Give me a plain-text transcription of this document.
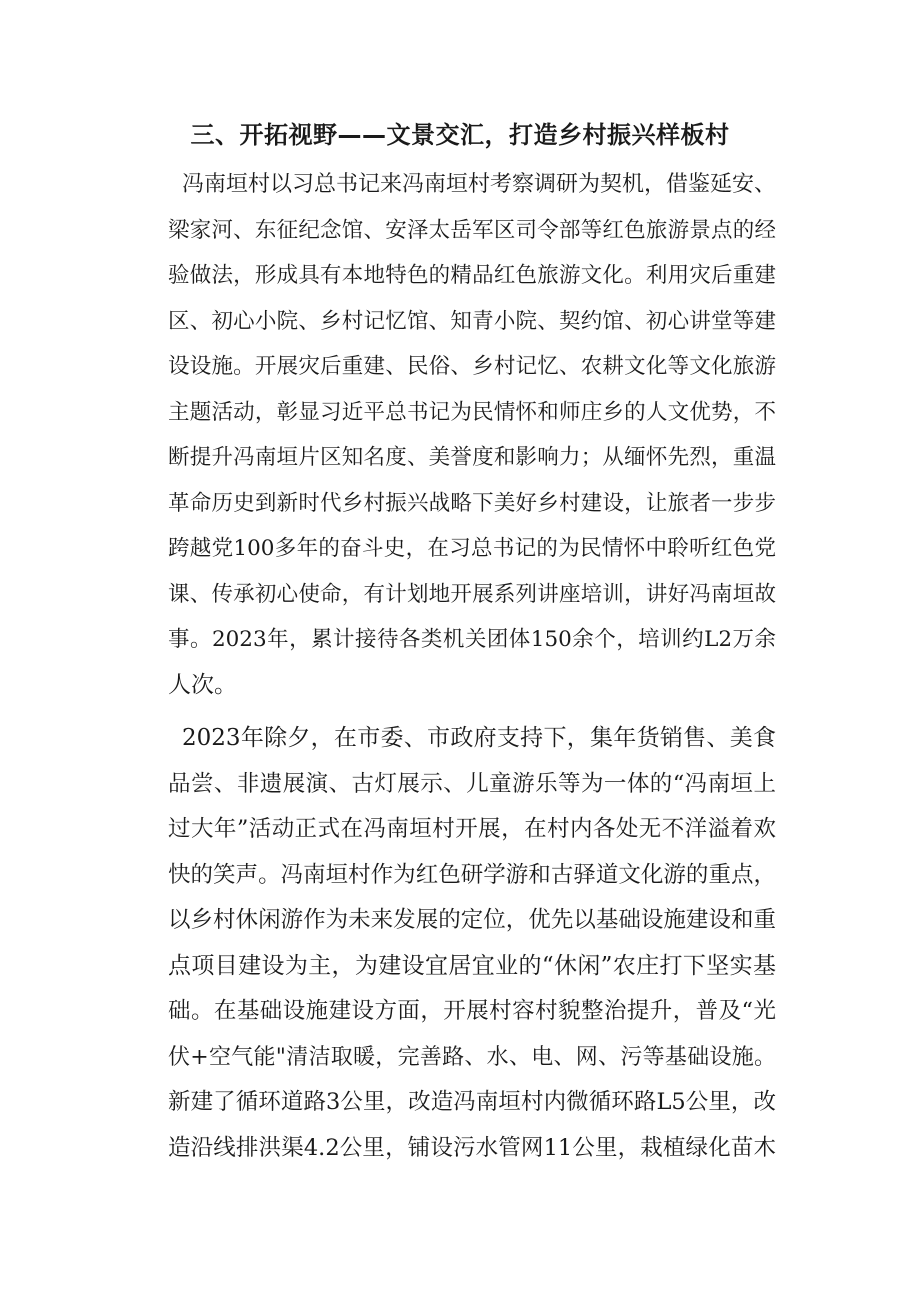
三、开拓视野——文景交汇，打造乡村振兴样板村
冯南垣村以习总书记来冯南垣村考察调研为契机，借鉴延安、
梁家河、东征纪念馆、安泽太岳军区司令部等红色旅游景点的经
验做法，形成具有本地特色的精品红色旅游文化。利用灾后重建
区、初心小院、乡村记忆馆、知青小院、契约馆、初心讲堂等建
设设施。开展灾后重建、民俗、乡村记忆、农耕文化等文化旅游
主题活动，彰显习近平总书记为民情怀和师庄乡的人文优势，不
断提升冯南垣片区知名度、美誉度和影响力；从缅怀先烈，重温
革命历史到新时代乡村振兴战略下美好乡村建设，让旅者一步步
跨越党100多年的奋斗史，在习总书记的为民情怀中聆听红色党
课、传承初心使命，有计划地开展系列讲座培训，讲好冯南垣故
事。2023年，累计接待各类机关团体150余个，培训约L2万余
人次。
2023年除夕，在市委、市政府支持下，集年货销售、美食
品尝、非遗展演、古灯展示、儿童游乐等为一体的“冯南垣上
过大年”活动正式在冯南垣村开展，在村内各处无不洋溢着欢
快的笑声。冯南垣村作为红色研学游和古驿道文化游的重点，
以乡村休闲游作为未来发展的定位，优先以基础设施建设和重
点项目建设为主，为建设宜居宜业的“休闲”农庄打下坚实基
础。在基础设施建设方面，开展村容村貌整治提升，普及“光
伏+空气能"清洁取暖，完善路、水、电、网、污等基础设施。
新建了循环道路3公里，改造冯南垣村内微循环路L5公里，改
造沿线排洪渠4.2公里，铺设污水管网11公里，栽植绿化苗木
